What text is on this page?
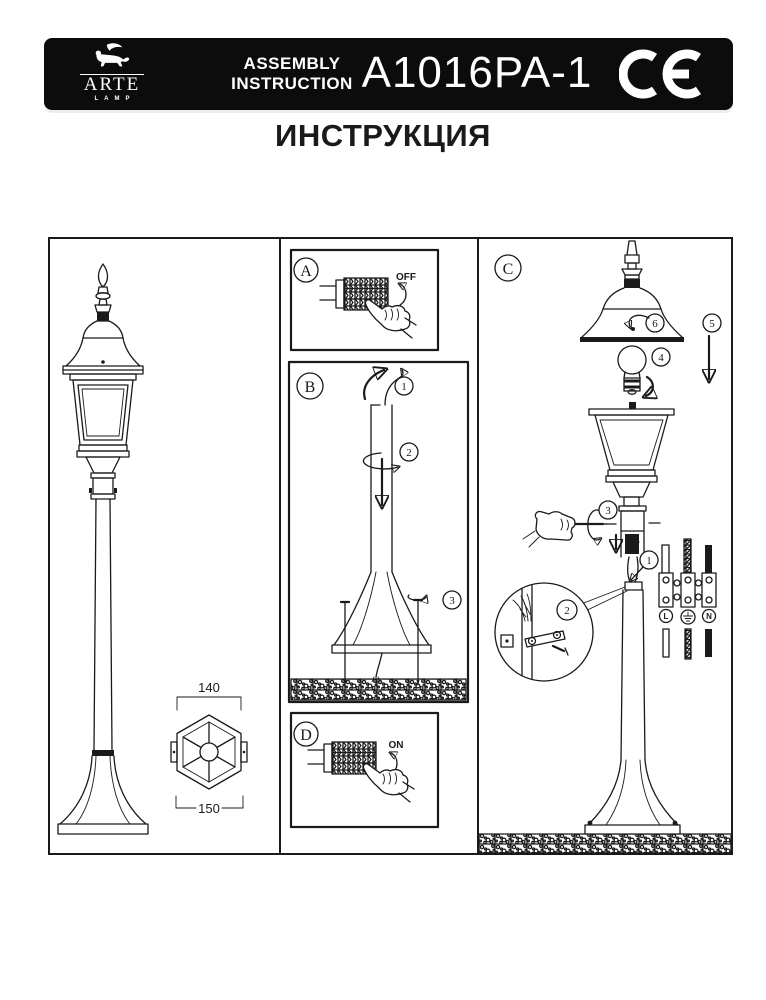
ARTE
LAMP
ASSEMBLY
INSTRUCTION A1016PA-1
ИНСТРУКЦИЯ
140
150
A	OFF
B	1
2
3
D
ON
C
6	5
4
3
1
2	L	N
